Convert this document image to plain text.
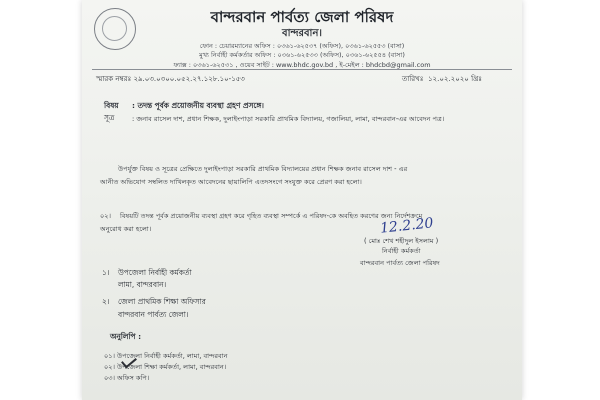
বান্দরবান পার্বত্য জেলা পরিষদ
বান্দরবান।
ফোন : চেয়ারম্যানের অফিস : ০৩৬১-৬২৫৩৭ (অফিস), ০৩৬১-৬২৫৫৩ (বাসা)
মুখ্য নির্বাহী কর্মকর্তার অফিস : ০৩৬১-৬২৫৩৩ (অফিস), ০৩৬১-৬২৫৫৪ (বাসা)
ফ্যাক্স : ০৩৬১-৬২৫৩১ , ওয়েব সাইট : www.bhdc.gov.bd , ই-মেইল : bhdcbd@gmail.com
স্মারক নম্বরঃ ২৯.০৩.০৩০০.০৫২.২৭.১২৮.১০-১৫৩	তারিখঃ ১২.০২.২০২০ খ্রিঃ
বিষয় : তদন্ত পূর্বক প্রয়োজনীয় ব্যবস্থা গ্রহণ প্রসঙ্গে।
সূত্র	: জনাব রাসেল দাশ, প্রধান শিক্ষক, দুলাইংপাড়া সরকারি প্রাথমিক বিদ্যালয়, গজালিয়া, লামা, বান্দরবান-এর আবেদন পত্র।
উপর্যুক্ত বিষয় ও সূত্রের প্রেক্ষিতে দুলাইংপাড়া সরকারি প্রাথমিক বিদ্যালয়ের প্রধান শিক্ষক জনাব রাসেল দাশ - এর
আনীত অভিযোগ সম্বলিত দাখিলকৃত আবেদনের ছায়ালিপি এতদসংগে সংযুক্ত করে প্রেরণ করা হলো।
০২। বিষয়টি তদন্ত পূর্বক প্রয়োজনীয় ব্যবস্থা গ্রহণ করে গৃহিত ব্যবস্থা সম্পর্কে এ পরিষদ-কে অবহিত করণের জন্য নির্দেশক্রমে
অনুরোধ করা হলো।	12.2.20
( মোঃ শেখ শহীদুল ইসলাম )
নির্বাহী কর্মকর্তা
বান্দরবান পার্বত্য জেলা পরিষদ
১। উপজেলা নির্বাহী কর্মকর্তা
লামা, বান্দরবান।
২। জেলা প্রাথমিক শিক্ষা অফিসার
বান্দরবান পার্বত্য জেলা।
অনুলিপি :
০১। উপজেলা নির্বাহী কর্মকর্তা, লামা, বান্দরবান
০২। উপজেলা শিক্ষা কর্মকর্তা, লামা, বান্দরবান।
০৩। অফিস কপি।
